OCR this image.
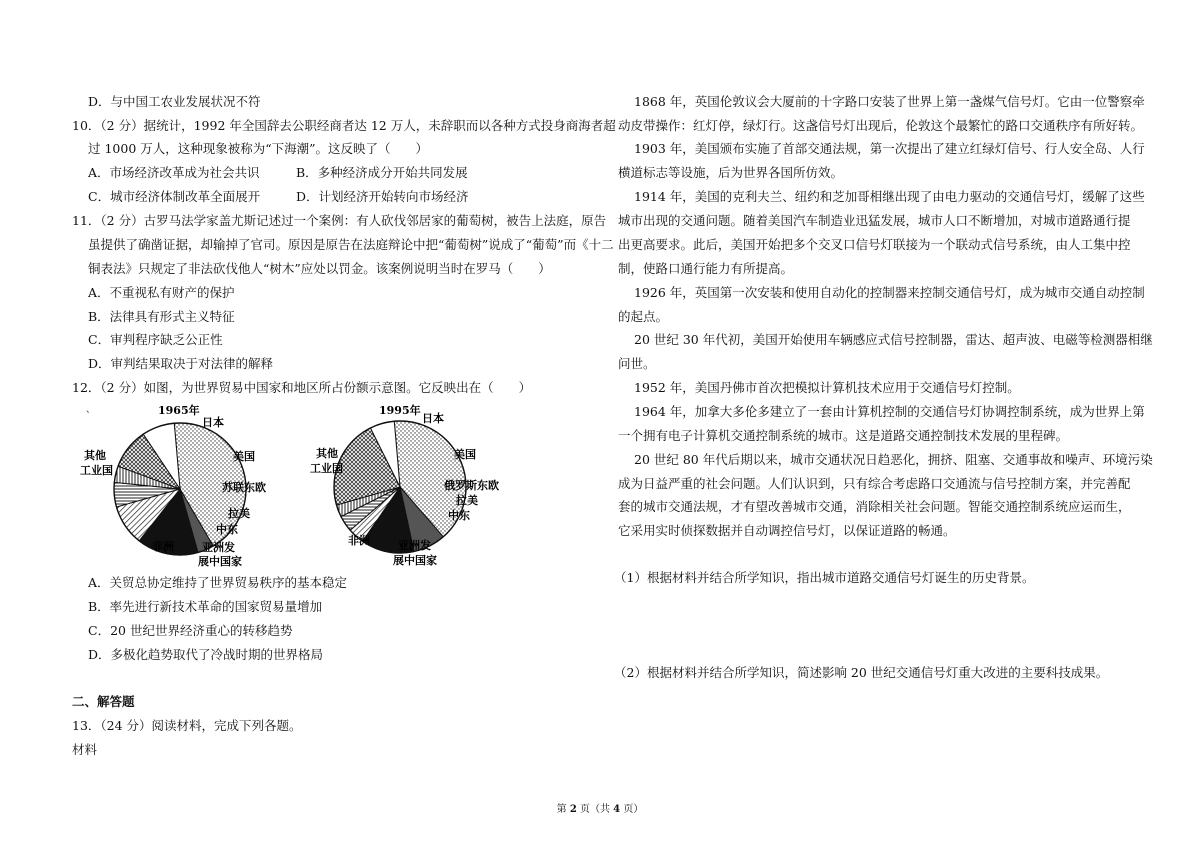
D．与中国工农业发展状况不符
10．（2 分）据统计，1992 年全国辞去公职经商者达 12 万人，未辞职而以各种方式投身商海者超
过 1000 万人，这种现象被称为“下海潮”。这反映了（　　）
A．市场经济改革成为社会共识	B．多种经济成分开始共同发展
C．城市经济体制改革全面展开	D．计划经济开始转向市场经济
11．（2 分）古罗马法学家盖尤斯记述过一个案例：有人砍伐邻居家的葡萄树，被告上法庭，原告
虽提供了确凿证据，却输掉了官司。原因是原告在法庭辩论中把“葡萄树”说成了“葡萄”而《十二
铜表法》只规定了非法砍伐他人“树木”应处以罚金。该案例说明当时在罗马（　　）
A．不重视私有财产的保护
B．法律具有形式主义特征
C．审判程序缺乏公正性
D．审判结果取决于对法律的解释
12．（2 分）如图，为世界贸易中国家和地区所占份额示意图。它反映出在（　　）
、	1965年
其他
工业国
日本
美国
苏联东欧
拉美
中东
非洲	亚洲发
展中国家
1995年
其他
工业国
日本
美国
俄罗斯东欧
拉美
中东
非洲	亚洲发
展中国家
A．关贸总协定维持了世界贸易秩序的基本稳定
B．率先进行新技术革命的国家贸易量增加
C．20 世纪世界经济重心的转移趋势
D．多极化趋势取代了冷战时期的世界格局
二、解答题
13．（24 分）阅读材料，完成下列各题。
材料
1868 年，英国伦敦议会大厦前的十字路口安装了世界上第一盏煤气信号灯。它由一位警察牵
动皮带操作：红灯停，绿灯行。这盏信号灯出现后，伦敦这个最繁忙的路口交通秩序有所好转。
1903 年，美国颁布实施了首部交通法规，第一次提出了建立红绿灯信号、行人安全岛、人行
横道标志等设施，后为世界各国所仿效。
1914 年，美国的克利夫兰、纽约和芝加哥相继出现了由电力驱动的交通信号灯，缓解了这些
城市出现的交通问题。随着美国汽车制造业迅猛发展，城市人口不断增加，对城市道路通行提
出更高要求。此后，美国开始把多个交叉口信号灯联接为一个联动式信号系统，由人工集中控
制，使路口通行能力有所提高。
1926 年，英国第一次安装和使用自动化的控制器来控制交通信号灯，成为城市交通自动控制
的起点。
20 世纪 30 年代初，美国开始使用车辆感应式信号控制器，雷达、超声波、电磁等检测器相继
问世。
1952 年，美国丹佛市首次把模拟计算机技术应用于交通信号灯控制。
1964 年，加拿大多伦多建立了一套由计算机控制的交通信号灯协调控制系统，成为世界上第
一个拥有电子计算机交通控制系统的城市。这是道路交通控制技术发展的里程碑。
20 世纪 80 年代后期以来，城市交通状况日趋恶化，拥挤、阻塞、交通事故和噪声、环境污染
成为日益严重的社会问题。人们认识到，只有综合考虑路口交通流与信号控制方案，并完善配
套的城市交通法规，才有望改善城市交通，消除相关社会问题。智能交通控制系统应运而生，
它采用实时侦探数据并自动调控信号灯，以保证道路的畅通。
（1）根据材料并结合所学知识，指出城市道路交通信号灯诞生的历史背景。
（2）根据材料并结合所学知识，简述影响 20 世纪交通信号灯重大改进的主要科技成果。
第 2 页（共 4 页）
